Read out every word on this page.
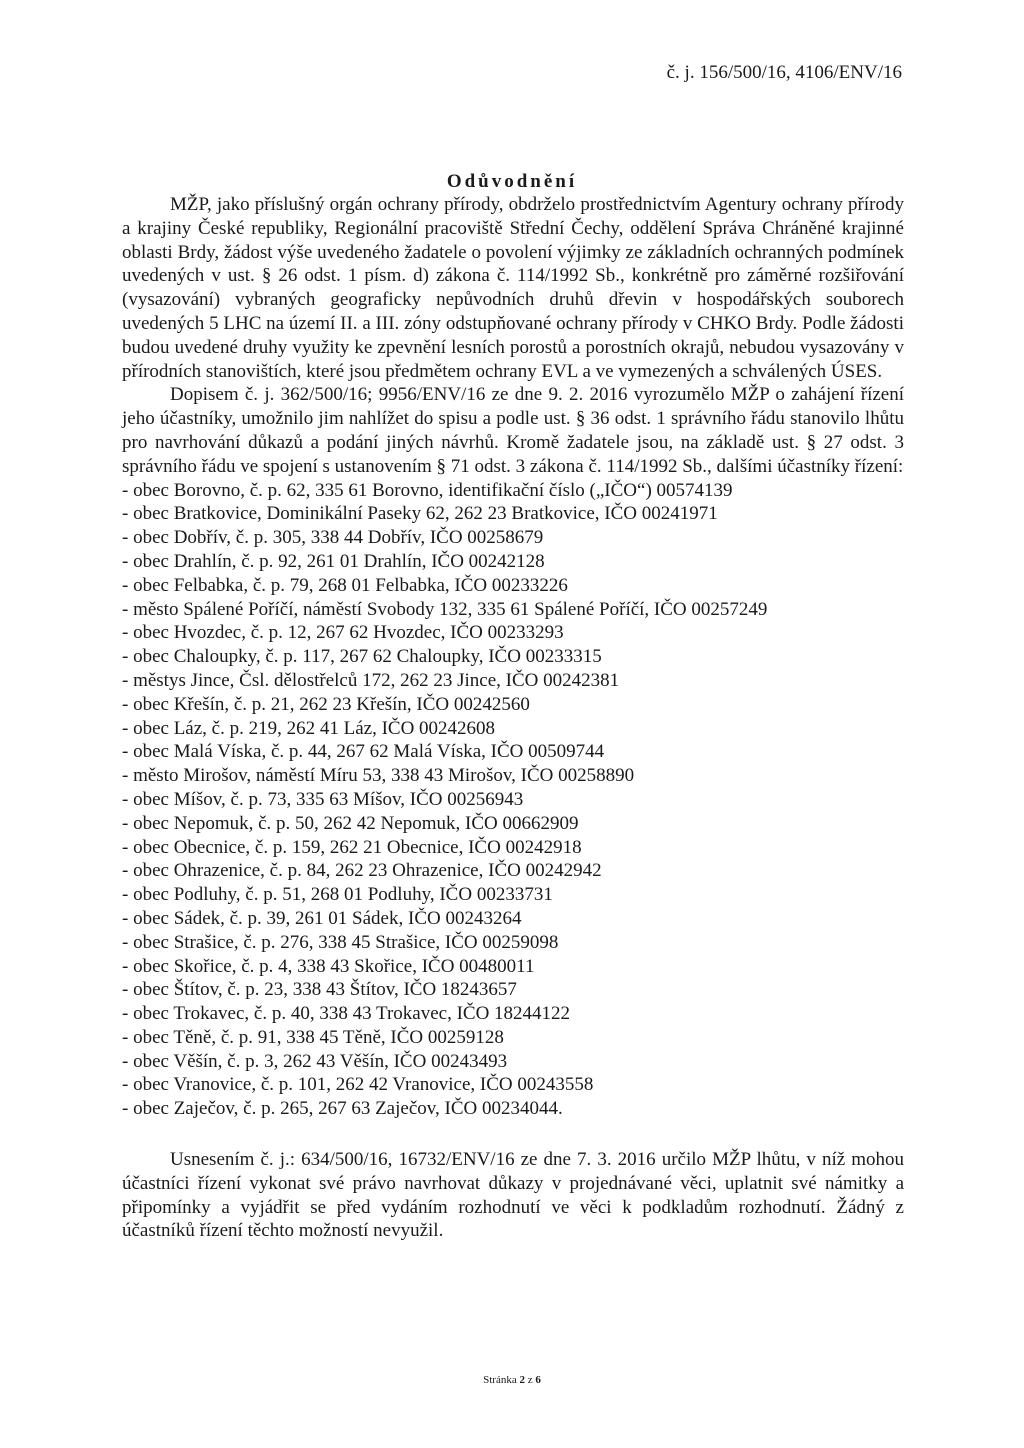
č. j. 156/500/16, 4106/ENV/16
Odůvodnění

MŽP, jako příslušný orgán ochrany přírody, obdrželo prostřednictvím Agentury ochrany přírody a krajiny České republiky, Regionální pracoviště Střední Čechy, oddělení Správa Chráněné krajinné oblasti Brdy, žádost výše uvedeného žadatele o povolení výjimky ze základních ochranných podmínek uvedených v ust. § 26 odst. 1 písm. d) zákona č. 114/1992 Sb., konkrétně pro záměrné rozšiřování (vysazování) vybraných geograficky nepůvodních druhů dřevin v hospodářských souborech uvedených 5 LHC na území II. a III. zóny odstupňované ochrany přírody v CHKO Brdy. Podle žádosti budou uvedené druhy využity ke zpevnění lesních porostů a porostních okrajů, nebudou vysazovány v přírodních stanovištích, které jsou předmětem ochrany EVL a ve vymezených a schválených ÚSES.

Dopisem č. j. 362/500/16; 9956/ENV/16 ze dne 9. 2. 2016 vyrozumělo MŽP o zahájení řízení jeho účastníky, umožnilo jim nahlížet do spisu a podle ust. § 36 odst. 1 správního řádu stanovilo lhůtu pro navrhování důkazů a podání jiných návrhů. Kromě žadatele jsou, na základě ust. § 27 odst. 3 správního řádu ve spojení s ustanovením § 71 odst. 3 zákona č. 114/1992 Sb., dalšími účastníky řízení:

- obec Borovno, č. p. 62, 335 61 Borovno, identifikační číslo („IČO“) 00574139
- obec Bratkovice, Dominikální Paseky 62, 262 23 Bratkovice, IČO 00241971
- obec Dobřív, č. p. 305, 338 44 Dobřív, IČO 00258679
- obec Drahlín, č. p. 92, 261 01 Drahlín, IČO 00242128
- obec Felbabka, č. p. 79, 268 01 Felbabka, IČO 00233226
- město Spálené Poříčí, náměstí Svobody 132, 335 61 Spálené Poříčí, IČO 00257249
- obec Hvozdec, č. p. 12, 267 62 Hvozdec, IČO 00233293
- obec Chaloupky, č. p. 117, 267 62 Chaloupky, IČO 00233315
- městys Jince, Čsl. dělostřelců 172, 262 23 Jince, IČO 00242381
- obec Křešín, č. p. 21, 262 23 Křešín, IČO 00242560
- obec Láz, č. p. 219, 262 41 Láz, IČO 00242608
- obec Malá Víska, č. p. 44, 267 62 Malá Víska, IČO 00509744
- město Mirošov, náměstí Míru 53, 338 43 Mirošov, IČO 00258890
- obec Míšov, č. p. 73, 335 63 Míšov, IČO 00256943
- obec Nepomuk, č. p. 50, 262 42 Nepomuk, IČO 00662909
- obec Obecnice, č. p. 159, 262 21 Obecnice, IČO 00242918
- obec Ohrazenice, č. p. 84, 262 23 Ohrazenice, IČO 00242942
- obec Podluhy, č. p. 51, 268 01 Podluhy, IČO 00233731
- obec Sádek, č. p. 39, 261 01 Sádek, IČO 00243264
- obec Strašice, č. p. 276, 338 45 Strašice, IČO 00259098
- obec Skořice, č. p. 4, 338 43 Skořice, IČO 00480011
- obec Štítov, č. p. 23, 338 43 Štítov, IČO 18243657
- obec Trokavec, č. p. 40, 338 43 Trokavec, IČO 18244122
- obec Těně, č. p. 91, 338 45 Těně, IČO 00259128
- obec Věšín, č. p. 3, 262 43 Věšín, IČO 00243493
- obec Vranovice, č. p. 101, 262 42 Vranovice, IČO 00243558
- obec Zaječov, č. p. 265, 267 63 Zaječov, IČO 00234044.

Usnesením č. j.: 634/500/16, 16732/ENV/16 ze dne 7. 3. 2016 určilo MŽP lhůtu, v níž mohou účastníci řízení vykonat své právo navrhovat důkazy v projednávané věci, uplatnit své námitky a připomínky a vyjádřit se před vydáním rozhodnutí ve věci k podkladům rozhodnutí. Žádný z účastníků řízení těchto možností nevyužil.

Stránka 2 z 6
